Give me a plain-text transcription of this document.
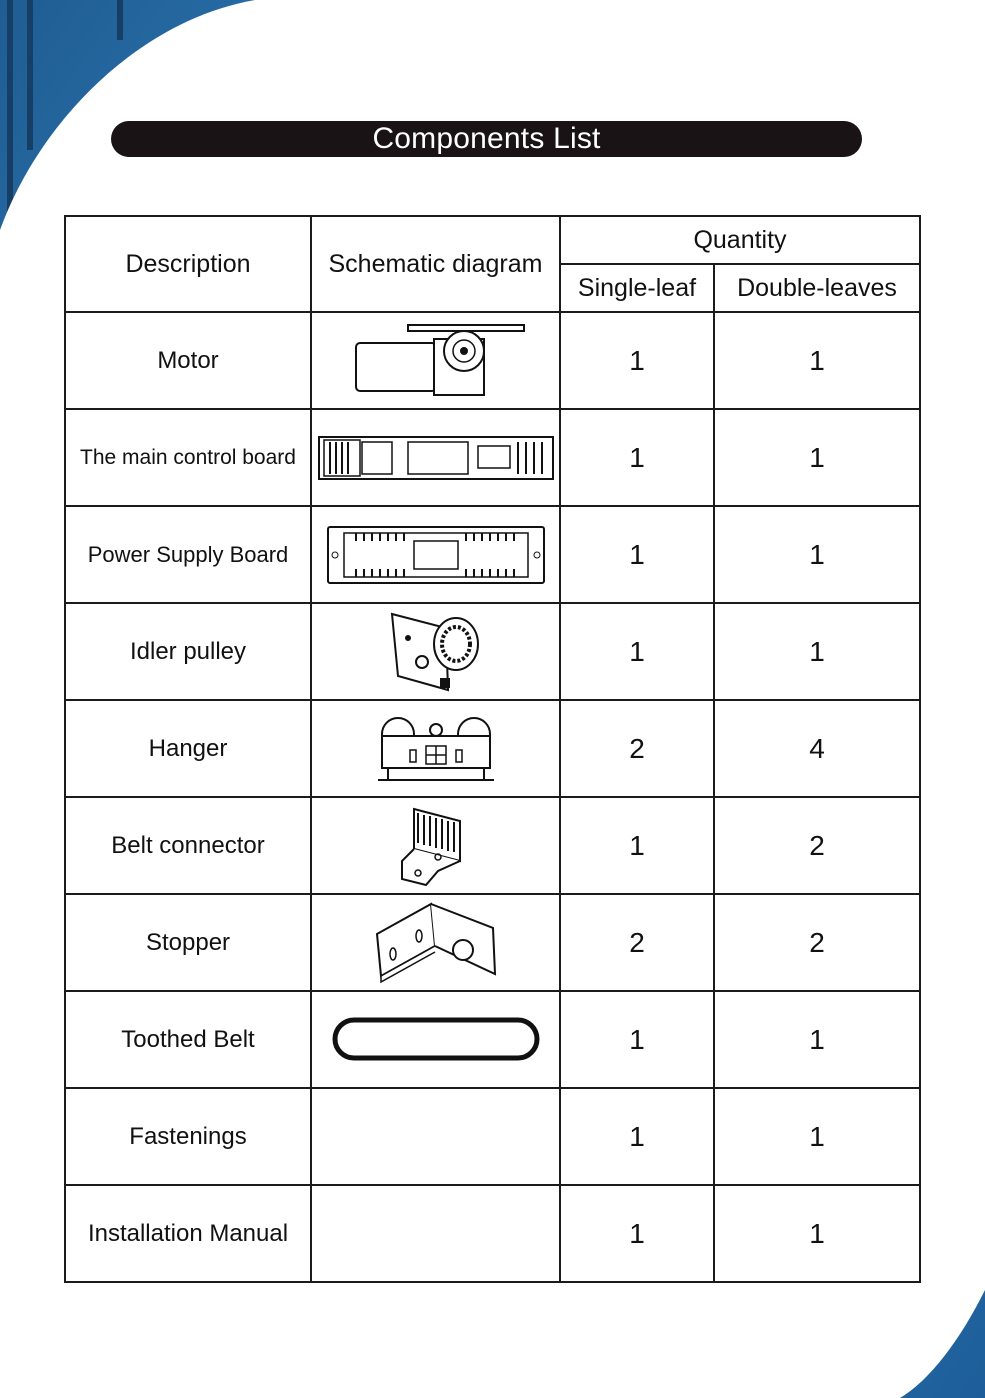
Components List
Description	Schematic diagram	Quantity	
		Single-leaf	Double-leaves
Motor		1	1
The main control board		1	1
Power Supply Board		1	1
Idler pulley		1	1
Hanger		2	4
Belt connector		1	2
Stopper		2	2
Toothed Belt		1	1
Fastenings		1	1
Installation Manual		1	1
